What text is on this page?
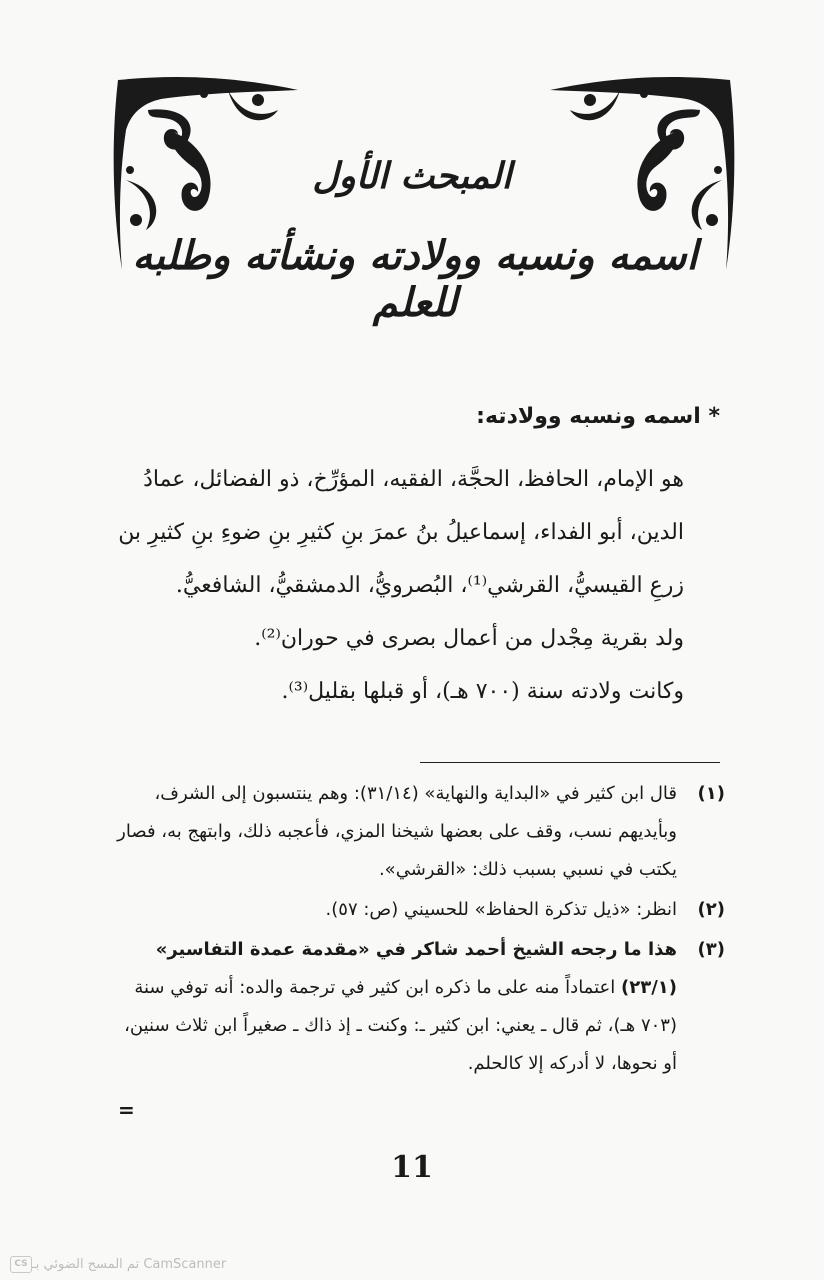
المبحث الأول
اسمه ونسبه وولادته ونشأته وطلبه للعلم
* اسمه ونسبه وولادته:

هو الإمام، الحافظ، الحجَّة، الفقيه، المؤرِّخ، ذو الفضائل، عمادُ الدين، أبو الفداء، إسماعيلُ بنُ عمرَ بنِ كثيرِ بنِ ضوءِ بنِ كثيرِ بن زرعِ القيسيُّ، القرشي⁽¹⁾، البُصرويُّ، الدمشقيُّ، الشافعيُّ.

ولد بقرية مِجْدل من أعمال بصرى في حوران⁽²⁾.

وكانت ولادته سنة (٧٠٠ هـ)، أو قبلها بقليل⁽³⁾.

(١)
قال ابن كثير في «البداية والنهاية» (٣١/١٤): وهم ينتسبون إلى الشرف، وبأيديهم نسب، وقف على بعضها شيخنا المزي، فأعجبه ذلك، وابتهج به، فصار يكتب في نسبي بسبب ذلك: «القرشي».
(٢)
انظر: «ذيل تذكرة الحفاظ» للحسيني (ص: ٥٧).
(٣)
هذا ما رجحه الشيخ أحمد شاكر في «مقدمة عمدة التفاسير» (٢٣/١) اعتماداً منه على ما ذكره ابن كثير في ترجمة والده: أنه توفي سنة (٧٠٣ هـ)، ثم قال ـ يعني: ابن كثير ـ: وكنت ـ إذ ذاك ـ صغيراً ابن ثلاث سنين، أو نحوها، لا أدركه إلا كالحلم.
=
11
CS تم المسح الضوئي بـ CamScanner
